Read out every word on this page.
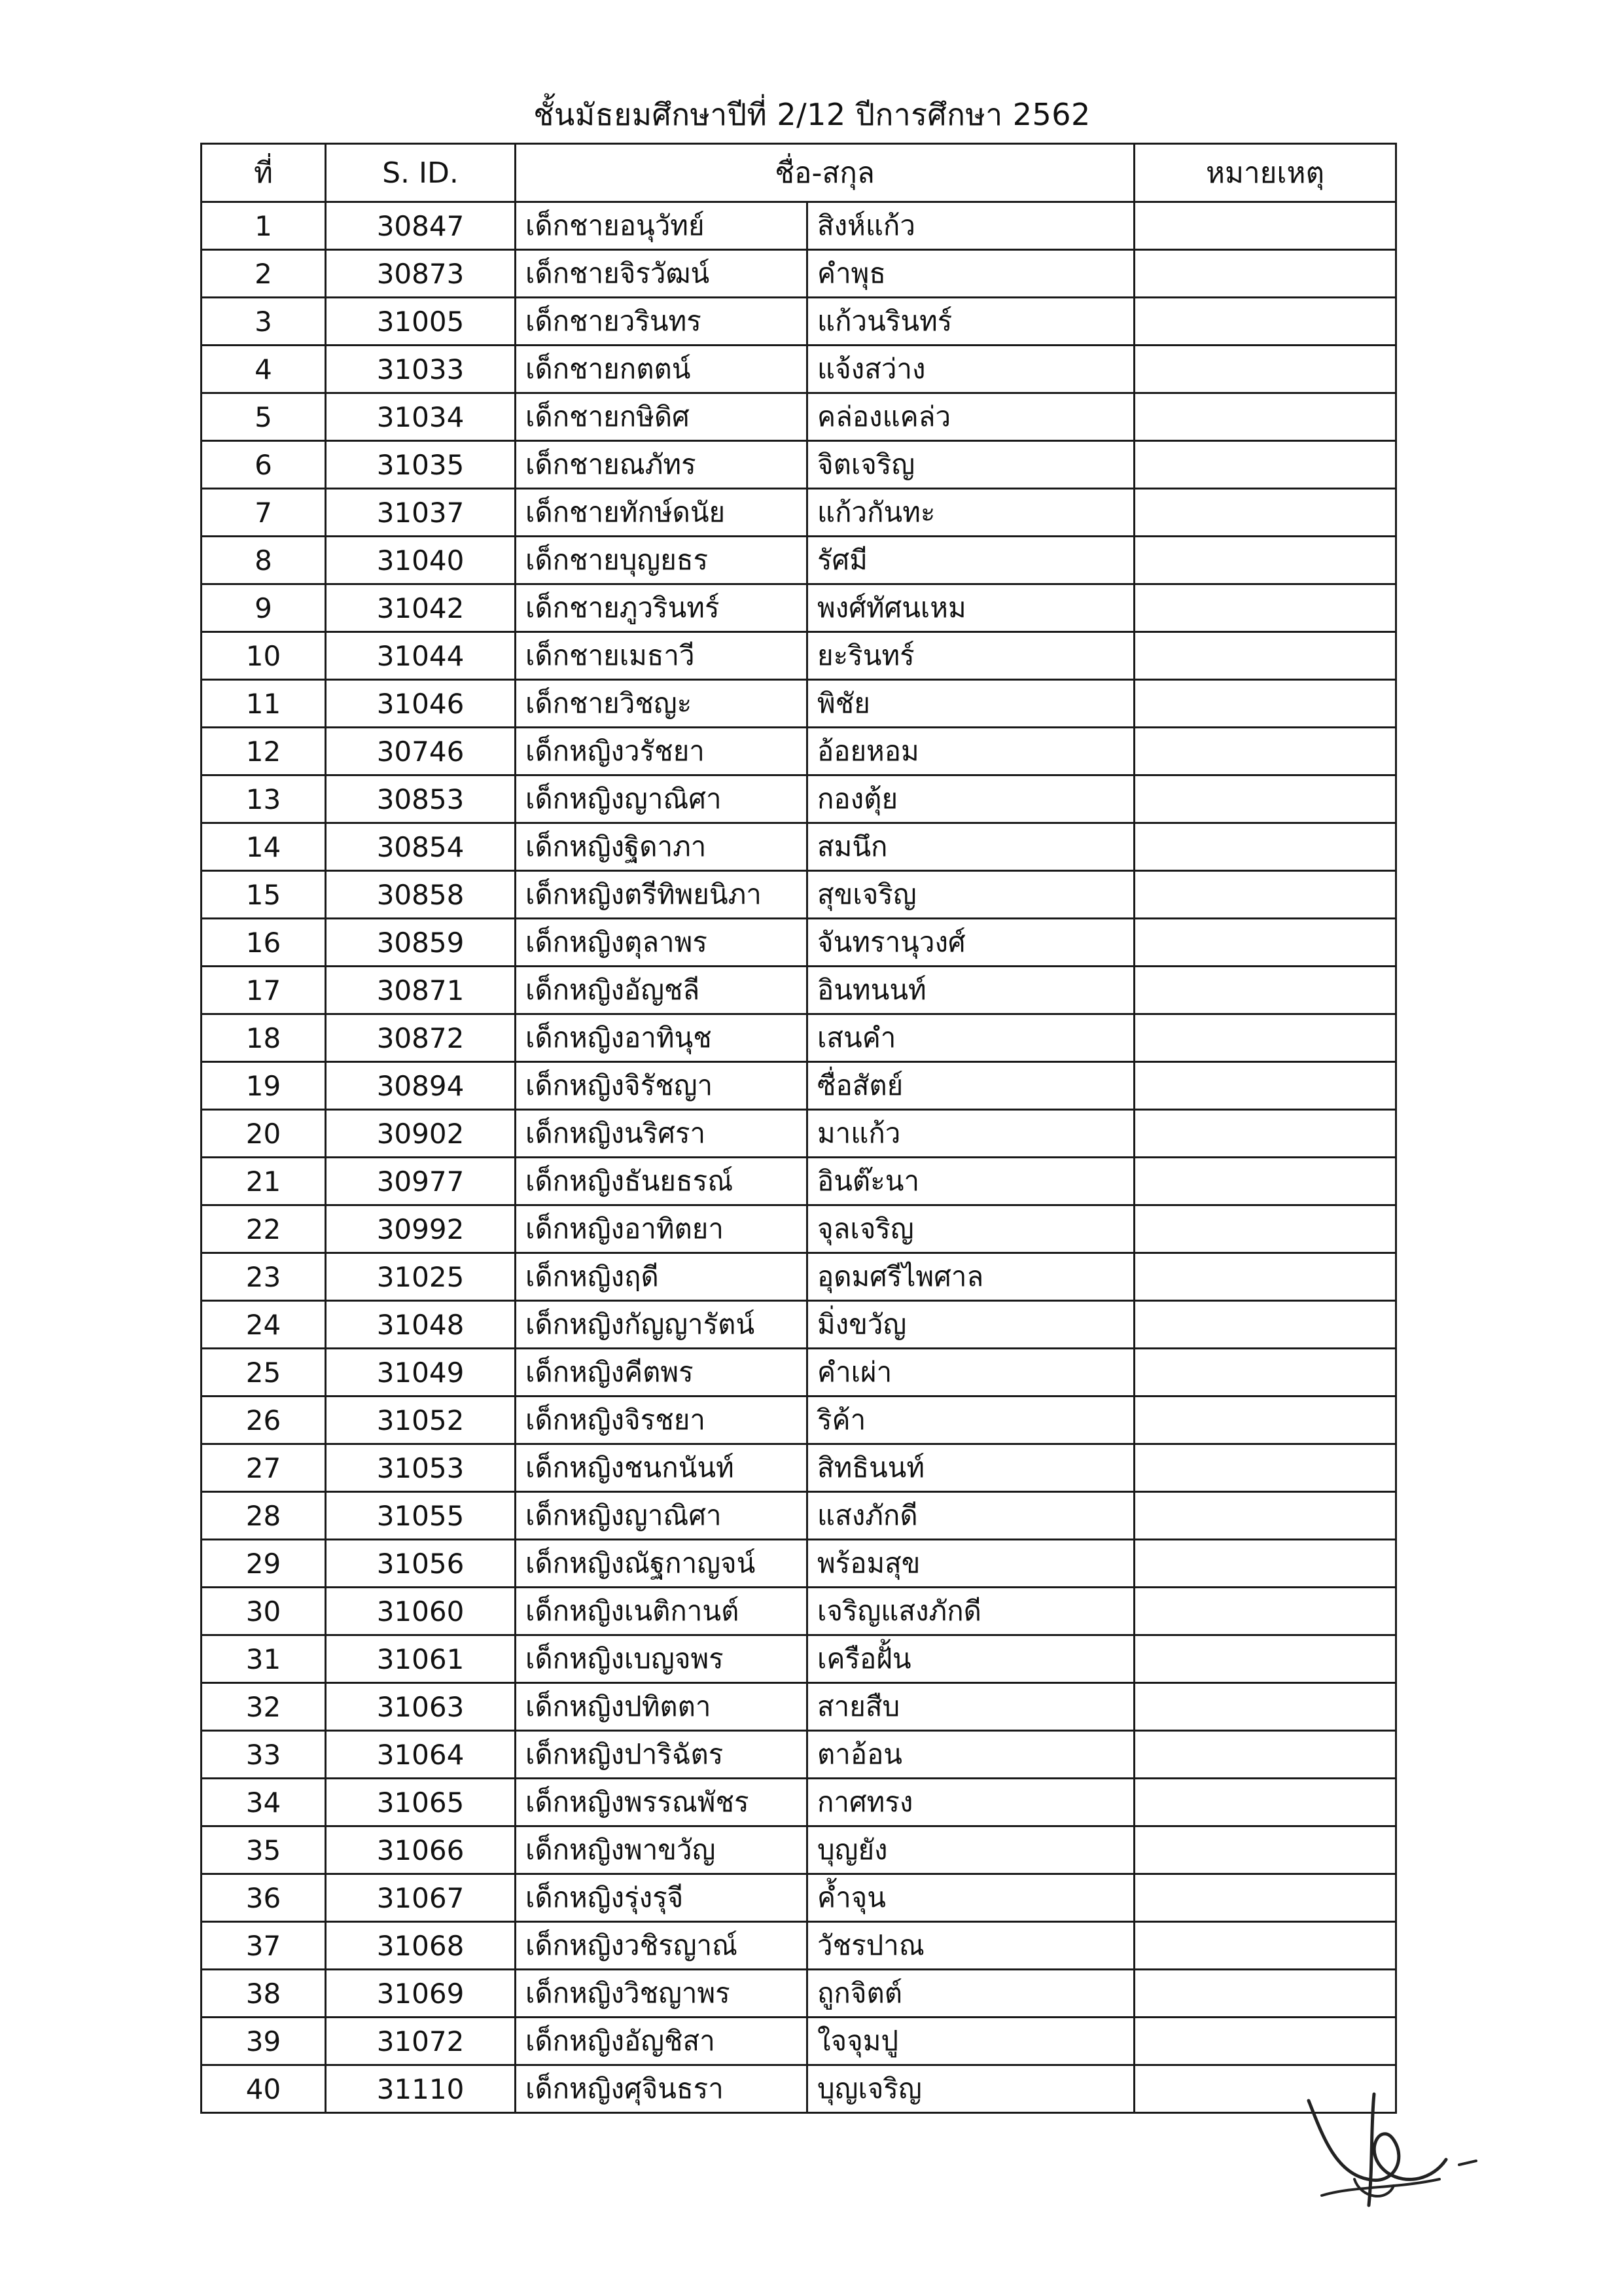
ชั้นมัธยมศึกษาปีที่ 2/12 ปีการศึกษา 2562
ที่	S. ID.	ชื่อ-สกุล		หมายเหตุ
1	30847	เด็กชายอนุวัทย์	สิงห์แก้ว	
2	30873	เด็กชายจิรวัฒน์	คำพุธ	
3	31005	เด็กชายวรินทร	แก้วนรินทร์	
4	31033	เด็กชายกตตน์	แจ้งสว่าง	
5	31034	เด็กชายกษิดิศ	คล่องแคล่ว	
6	31035	เด็กชายณภัทร	จิตเจริญ	
7	31037	เด็กชายทักษ์ดนัย	แก้วกันทะ	
8	31040	เด็กชายบุญยธร	รัศมี	
9	31042	เด็กชายภูวรินทร์	พงศ์ทัศนเหม	
10	31044	เด็กชายเมธาวี	ยะรินทร์	
11	31046	เด็กชายวิชญะ	พิชัย	
12	30746	เด็กหญิงวรัชยา	อ้อยหอม	
13	30853	เด็กหญิงญาณิศา	กองตุ้ย	
14	30854	เด็กหญิงฐิดาภา	สมนึก	
15	30858	เด็กหญิงตรีทิพยนิภา	สุขเจริญ	
16	30859	เด็กหญิงตุลาพร	จันทรานุวงศ์	
17	30871	เด็กหญิงอัญชลี	อินทนนท์	
18	30872	เด็กหญิงอาทินุช	เสนคำ	
19	30894	เด็กหญิงจิรัชญา	ซื่อสัตย์	
20	30902	เด็กหญิงนริศรา	มาแก้ว	
21	30977	เด็กหญิงธันยธรณ์	อินต๊ะนา	
22	30992	เด็กหญิงอาทิตยา	จุลเจริญ	
23	31025	เด็กหญิงฤดี	อุดมศรีไพศาล	
24	31048	เด็กหญิงกัญญารัตน์	มิ่งขวัญ	
25	31049	เด็กหญิงคีตพร	คำเผ่า	
26	31052	เด็กหญิงจิรชยา	ริค้า	
27	31053	เด็กหญิงชนกนันท์	สิทธินนท์	
28	31055	เด็กหญิงญาณิศา	แสงภักดี	
29	31056	เด็กหญิงณัฐกาญจน์	พร้อมสุข	
30	31060	เด็กหญิงเนติกานต์	เจริญแสงภักดี	
31	31061	เด็กหญิงเบญจพร	เครือฝั้น	
32	31063	เด็กหญิงปทิตตา	สายสืบ	
33	31064	เด็กหญิงปาริฉัตร	ตาอ้อน	
34	31065	เด็กหญิงพรรณพัชร	กาศทรง	
35	31066	เด็กหญิงพาขวัญ	บุญยัง	
36	31067	เด็กหญิงรุ่งรุจี	ค้ำจุน	
37	31068	เด็กหญิงวชิรญาณ์	วัชรปาณ	
38	31069	เด็กหญิงวิชญาพร	ถูกจิตต์	
39	31072	เด็กหญิงอัญชิสา	ใจจุมปู	
40	31110	เด็กหญิงศุจินธรา	บุญเจริญ	
